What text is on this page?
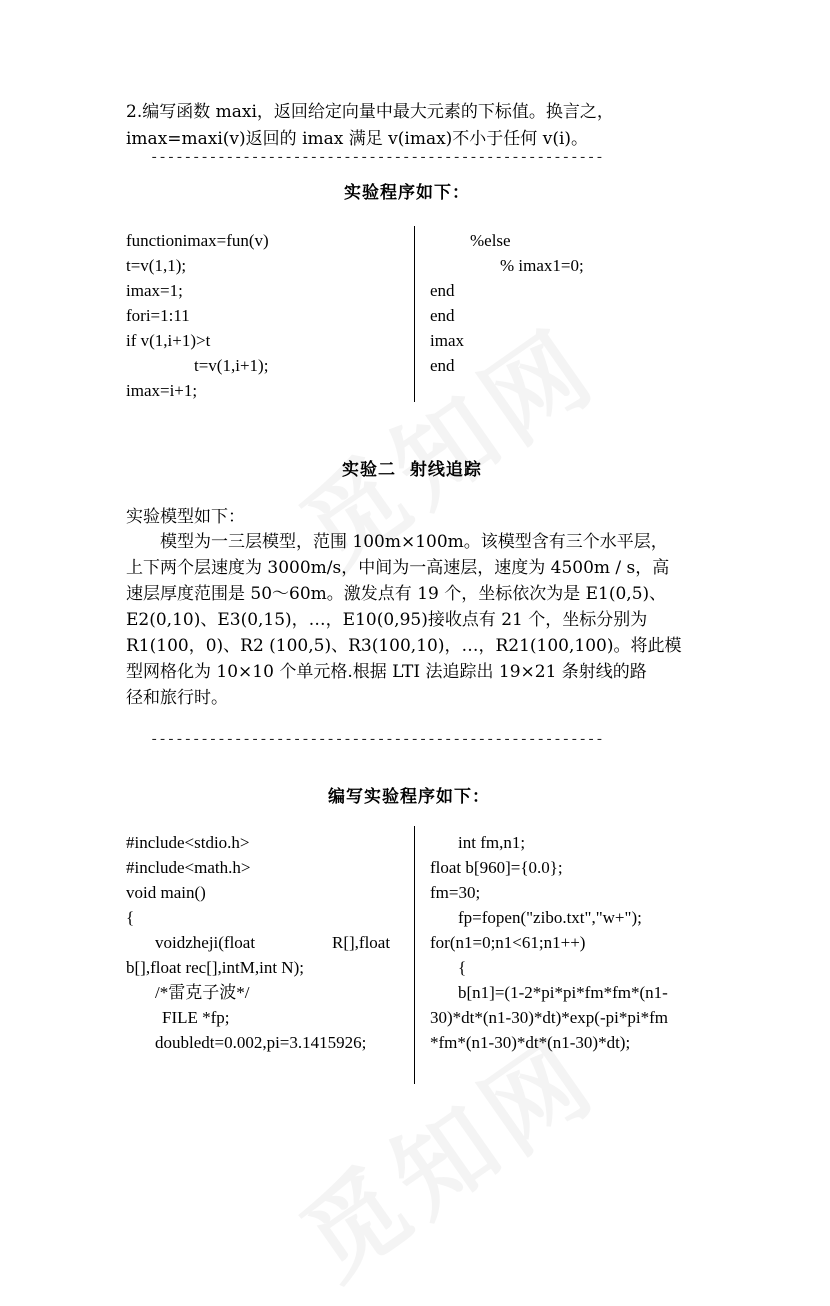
2.编写函数 maxi，返回给定向量中最大元素的下标值。换言之，
imax=maxi(v)返回的 imax 满足 v(imax)不小于任何 v(i)。
------------------------------------------------------
实验程序如下：
functionimax=fun(v)
t=v(1,1);
imax=1;
fori=1:11
if v(1,i+1)>t
t=v(1,i+1);
imax=i+1;
%else
% imax1=0;
end
end
imax
end
实验二  射线追踪
实验模型如下：
模型为一三层模型，范围 100m×100m。该模型含有三个水平层，
上下两个层速度为 3000m/s，中间为一高速层，速度为 4500m / s，高
速层厚度范围是 50～60m。激发点有 19 个，坐标依次为是 E1(0,5)、
E2(0,10)、E3(0,15)，…，E10(0,95)接收点有 21 个，坐标分别为
R1(100，0)、R2 (100,5)、R3(100,10)，…，R21(100,100)。将此模
型网格化为 10×10 个单元格.根据 LTI 法追踪出 19×21 条射线的路
径和旅行时。
------------------------------------------------------
编写实验程序如下：
#include<stdio.h>
#include<math.h>
void main()
{
voidzheji(float	R[],float
b[],float rec[],intM,int N);
/*雷克子波*/
FILE *fp;
doubledt=0.002,pi=3.1415926;
int fm,n1;
float b[960]={0.0};
fm=30;
fp=fopen("zibo.txt","w+");
for(n1=0;n1<61;n1++)
{
b[n1]=(1-2*pi*pi*fm*fm*(n1-
30)*dt*(n1-30)*dt)*exp(-pi*pi*fm
*fm*(n1-30)*dt*(n1-30)*dt);
